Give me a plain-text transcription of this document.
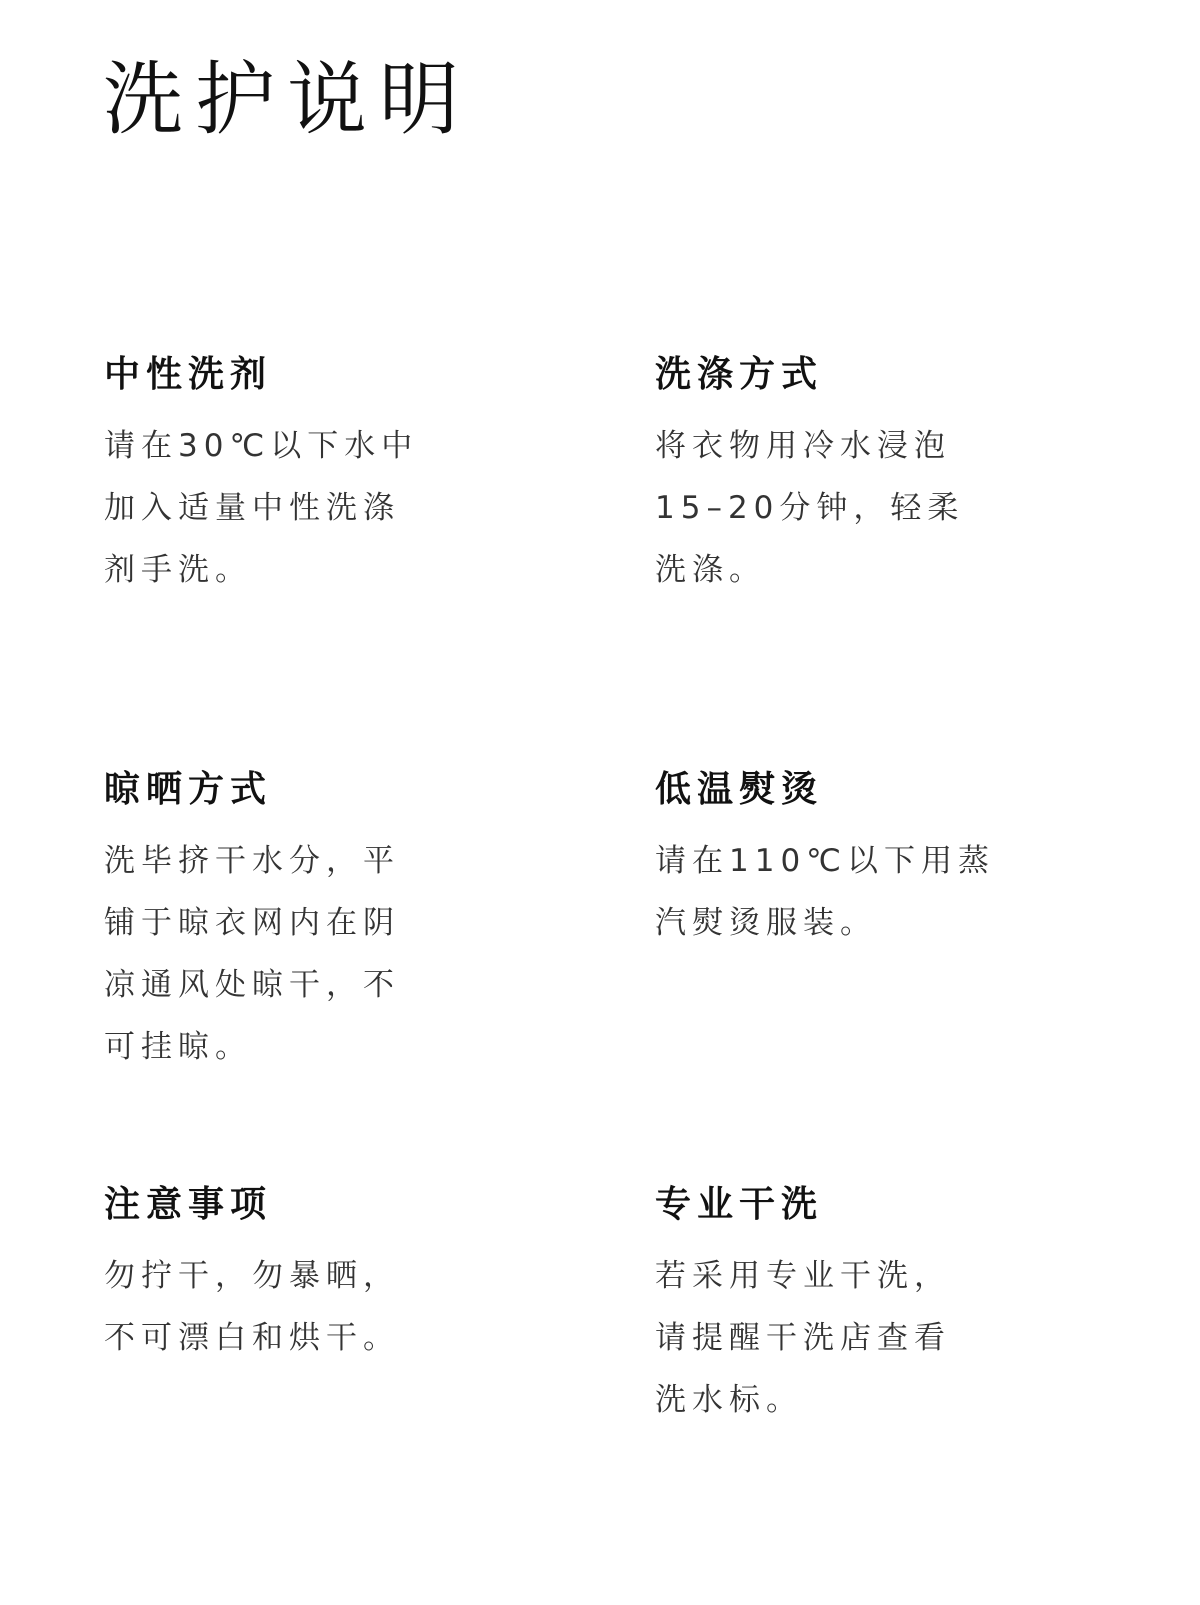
洗护说明
中性洗剂
请在30℃以下水中
加入适量中性洗涤
剂手洗。
洗涤方式
将衣物用冷水浸泡
15–20分钟，轻柔
洗涤。
晾晒方式
洗毕挤干水分，平
铺于晾衣网内在阴
凉通风处晾干，不
可挂晾。
低温熨烫
请在110℃以下用蒸
汽熨烫服装。
注意事项
勿拧干，勿暴晒，
不可漂白和烘干。
专业干洗
若采用专业干洗，
请提醒干洗店查看
洗水标。
